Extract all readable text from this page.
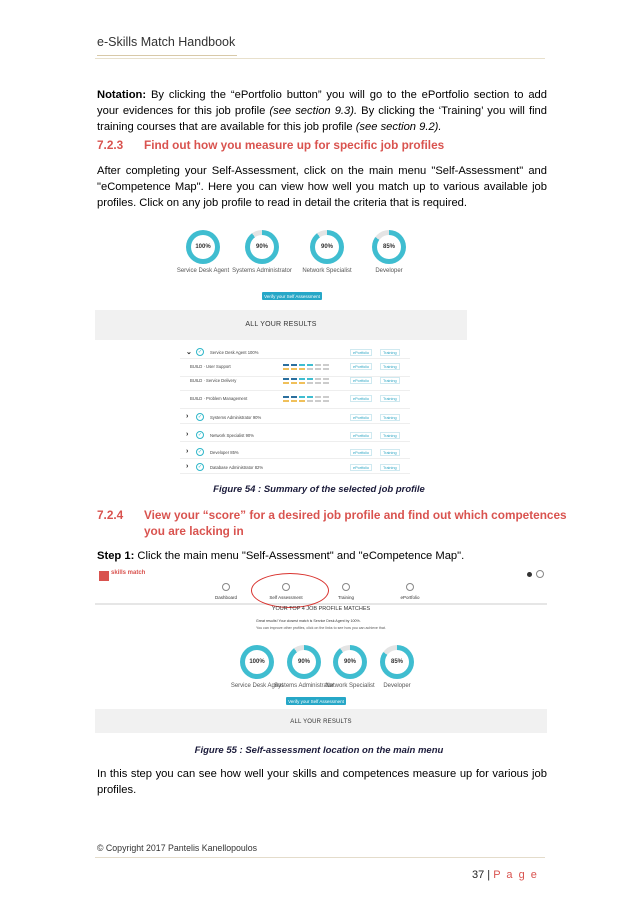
e-Skills Match Handbook
Notation: By clicking the “ePortfolio button” you will go to the ePortfolio section to add your evidences for this job profile (see section 9.3). By clicking the ‘Training’ you will find training courses that are available for this job profile (see section 9.2).
7.2.3 Find out how you measure up for specific job profiles
After completing your Self-Assessment, click on the main menu "Self-Assessment" and "eCompetence Map". Here you can view how well you match up to various available job profiles. Click on any job profile to read in detail the criteria that is required.
Figure 54 : Summary of the selected job profile
7.2.4 View your “score” for a desired job profile and find out which competences
you are lacking in
Step 1: Click the main menu "Self-Assessment" and "eCompetence Map".
Figure 55 : Self-assessment location on the main menu
In this step you can see how well your skills and competences measure up for various job profiles.
© Copyright 2017 Pantelis Kanellopoulos
37 | P a g e
100%
Service Desk Agent
90%
Systems Administrator
90%
Network Specialist
85%
Developer
Verify your Self Assessment
ALL YOUR RESULTS
⌄	✓	Service Desk Agent 100%	ePortfolio	Training
BUILD · User Support	ePortfolio	Training
BUILD · Service Delivery	ePortfolio	Training
BUILD · Problem Management	ePortfolio	Training
›	✓	Systems Administrator 90%	ePortfolio	Training
›	✓	Network Specialist 90%	ePortfolio	Training
›	✓	Developer 85%	ePortfolio	Training
›	✓	Database Administrator 82%	ePortfolio	Training
skills match
Dashboard	Self Assessment	Training	ePortfolio
YOUR TOP 4 JOB PROFILE MATCHES
Great results! Your closest match is Service Desk Agent by 100%.
You can improve other profiles, click on the links to see how you can achieve that.
100%
Service Desk Agent
90%
Systems Administrator
90%
Network Specialist
85%
Developer
Verify your Self Assessment
ALL YOUR RESULTS
